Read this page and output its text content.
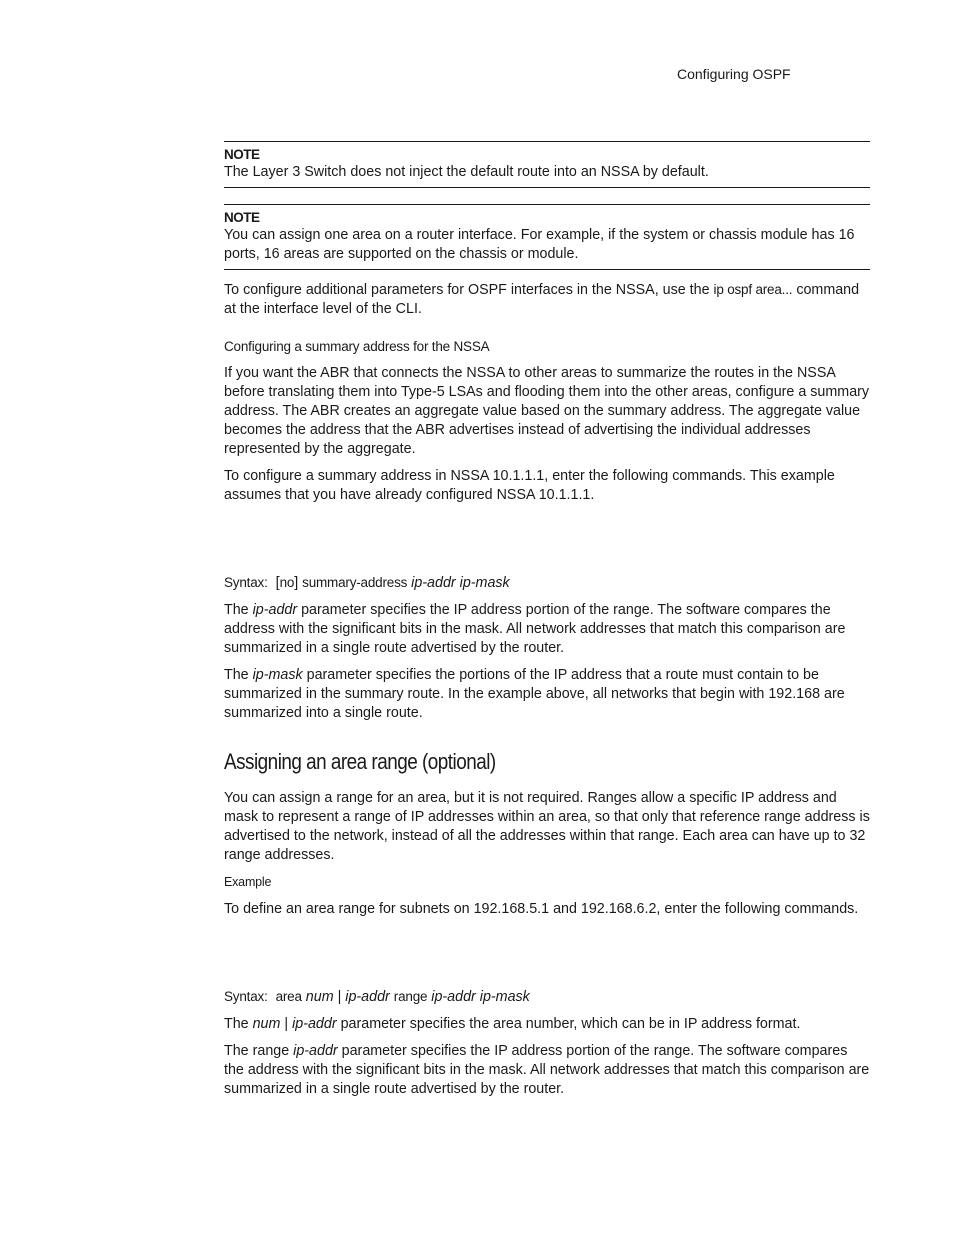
Configuring OSPF
NOTE
The Layer 3 Switch does not inject the default route into an NSSA by default.
NOTE
You can assign one area on a router interface. For example, if the system or chassis module has 16 ports, 16 areas are supported on the chassis or module.

To configure additional parameters for OSPF interfaces in the NSSA, use the ip ospf area... command at the interface level of the CLI.

Configuring a summary address for the NSSA

If you want the ABR that connects the NSSA to other areas to summarize the routes in the NSSA before translating them into Type-5 LSAs and flooding them into the other areas, configure a summary address. The ABR creates an aggregate value based on the summary address. The aggregate value becomes the address that the ABR advertises instead of advertising the individual addresses represented by the aggregate.

To configure a summary address in NSSA 10.1.1.1, enter the following commands. This example assumes that you have already configured NSSA 10.1.1.1.

Syntax: [no] summary-address ip-addr ip-mask

The ip-addr parameter specifies the IP address portion of the range. The software compares the address with the significant bits in the mask. All network addresses that match this comparison are summarized in a single route advertised by the router.

The ip-mask parameter specifies the portions of the IP address that a route must contain to be summarized in the summary route. In the example above, all networks that begin with 192.168 are summarized into a single route.

Assigning an area range (optional)

You can assign a range for an area, but it is not required. Ranges allow a specific IP address and mask to represent a range of IP addresses within an area, so that only that reference range address is advertised to the network, instead of all the addresses within that range. Each area can have up to 32 range addresses.

Example

To define an area range for subnets on 192.168.5.1 and 192.168.6.2, enter the following commands.

Syntax: area num | ip-addr range ip-addr ip-mask

The num | ip-addr parameter specifies the area number, which can be in IP address format.

The range ip-addr parameter specifies the IP address portion of the range. The software compares the address with the significant bits in the mask. All network addresses that match this comparison are summarized in a single route advertised by the router.
